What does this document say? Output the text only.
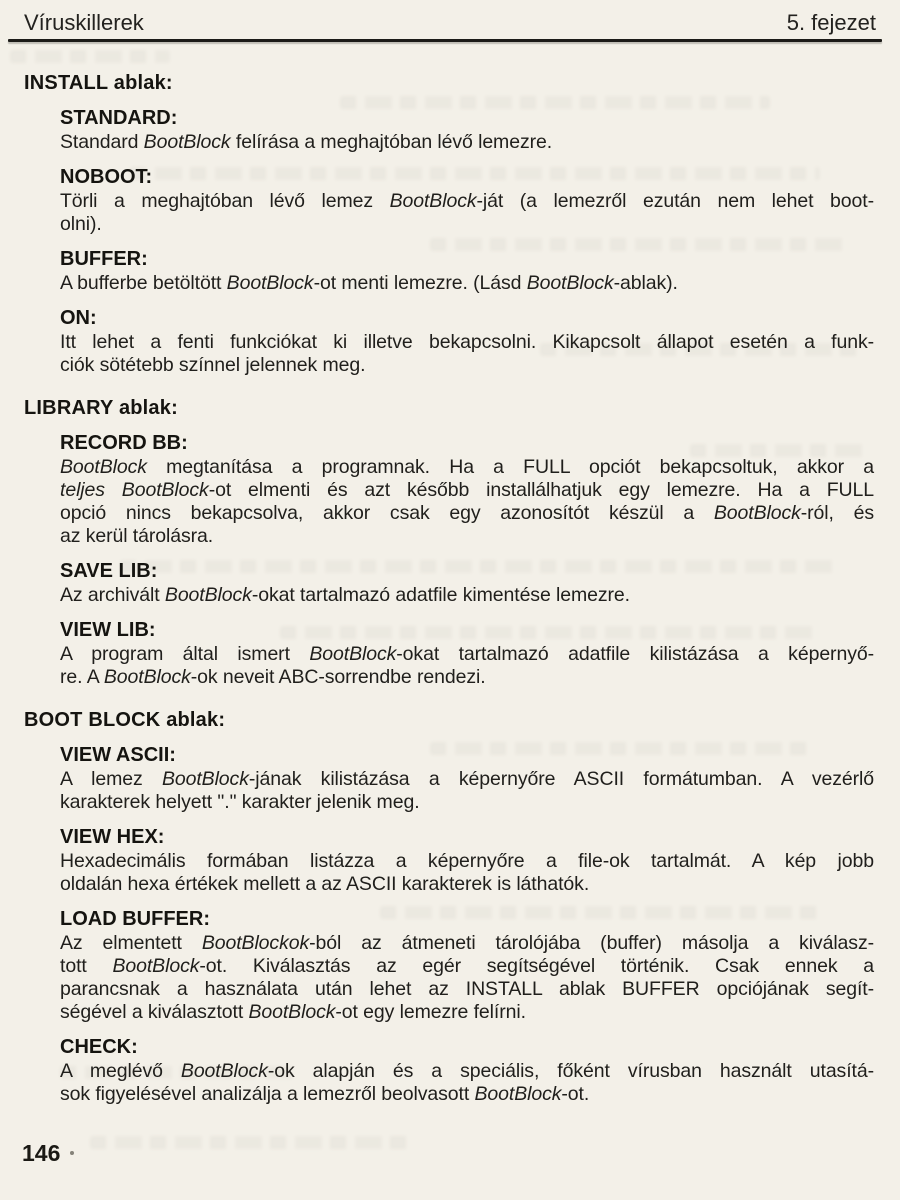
Víruskillerek	5. fejezet
INSTALL ablak:
STANDARD:
Standard BootBlock felírása a meghajtóban lévő lemezre.
NOBOOT:
Törli a meghajtóban lévő lemez BootBlock-ját (a lemezről ezután nem lehet boot-
olni).
BUFFER:
A bufferbe betöltött BootBlock-ot menti lemezre. (Lásd BootBlock-ablak).
ON:
Itt lehet a fenti funkciókat ki illetve bekapcsolni. Kikapcsolt állapot esetén a funk-
ciók sötétebb színnel jelennek meg.
LIBRARY ablak:
RECORD BB:
BootBlock megtanítása a programnak. Ha a FULL opciót bekapcsoltuk, akkor a
teljes BootBlock-ot elmenti és azt később installálhatjuk egy lemezre. Ha a FULL
opció nincs bekapcsolva, akkor csak egy azonosítót készül a BootBlock-ról, és
az kerül tárolásra.
SAVE LIB:
Az archivált BootBlock-okat tartalmazó adatfile kimentése lemezre.
VIEW LIB:
A program által ismert BootBlock-okat tartalmazó adatfile kilistázása a képernyő-
re. A BootBlock-ok neveit ABC-sorrendbe rendezi.
BOOT BLOCK ablak:
VIEW ASCII:
A lemez BootBlock-jának kilistázása a képernyőre ASCII formátumban. A vezérlő
karakterek helyett "." karakter jelenik meg.
VIEW HEX:
Hexadecimális formában listázza a képernyőre a file-ok tartalmát. A kép jobb
oldalán hexa értékek mellett a az ASCII karakterek is láthatók.
LOAD BUFFER:
Az elmentett BootBlockok-ból az átmeneti tárolójába (buffer) másolja a kiválasz-
tott BootBlock-ot. Kiválasztás az egér segítségével történik. Csak ennek a
parancsnak a használata után lehet az INSTALL ablak BUFFER opciójának segít-
ségével a kiválasztott BootBlock-ot egy lemezre felírni.
CHECK:
A meglévő BootBlock-ok alapján és a speciális, főként vírusban használt utasítá-
sok figyelésével analizálja a lemezről beolvasott BootBlock-ot.
146
